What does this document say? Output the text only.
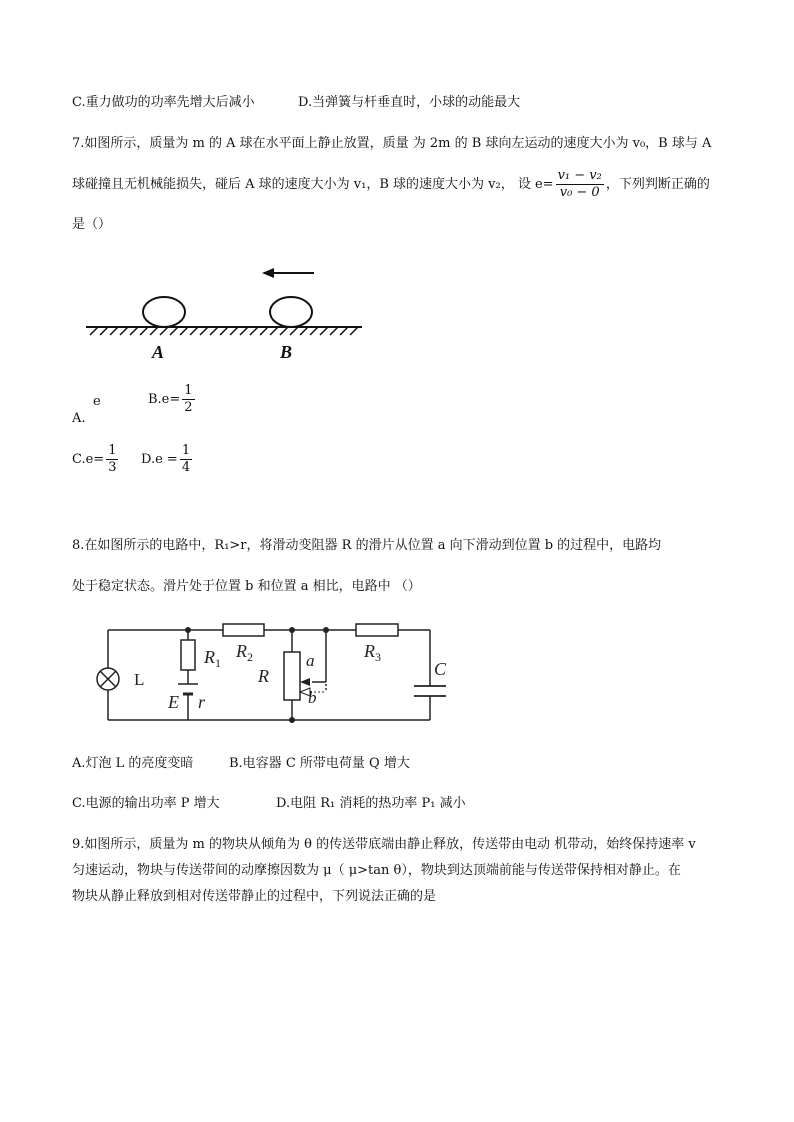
C.重力做功的功率先增大后减小	D.当弹簧与杆垂直时，小球的动能最大
7.如图所示，质量为 m 的 A 球在水平面上静止放置，质量 为 2m 的 B 球向左运动的速度大小为 v₀，B 球与 A
球碰撞且无机械能损失，碰后 A 球的速度大小为 v₁，B 球的速度大小为 v₂， 设 $e= \frac{\text{v₁ − v₂}}{\text{v₀ − 0}}$ ，下列判断正确的
是（）
A	B
e
A.
$B.e= \frac{1}{2}$
$C.e= \frac{1}{3} D.e = \frac{1}{4}$
8.在如图所示的电路中，R₁>r，将滑动变阻器 R 的滑片从位置 a 向下滑动到位置 b 的过程中，电路均
处于稳定状态。滑片处于位置 b 和位置 a 相比，电路中 （）
L
$R_1$
$R_2$
R
a
b
$R_3$
C
E r
A.灯泡 L 的亮度变暗	B.电容器 C 所带电荷量 Q 增大
C.电源的输出功率 P 增大	D.电阻 R₁ 消耗的热功率 P₁ 减小
9.如图所示，质量为 m 的物块从倾角为 θ 的传送带底端由静止释放，传送带由电动 机带动，始终保持速率 v
匀速运动，物块与传送带间的动摩擦因数为 μ（ μ>tan θ），物块到达顶端前能与传送带保持相对静止。在
物块从静止释放到相对传送带静止的过程中，下列说法正确的是
